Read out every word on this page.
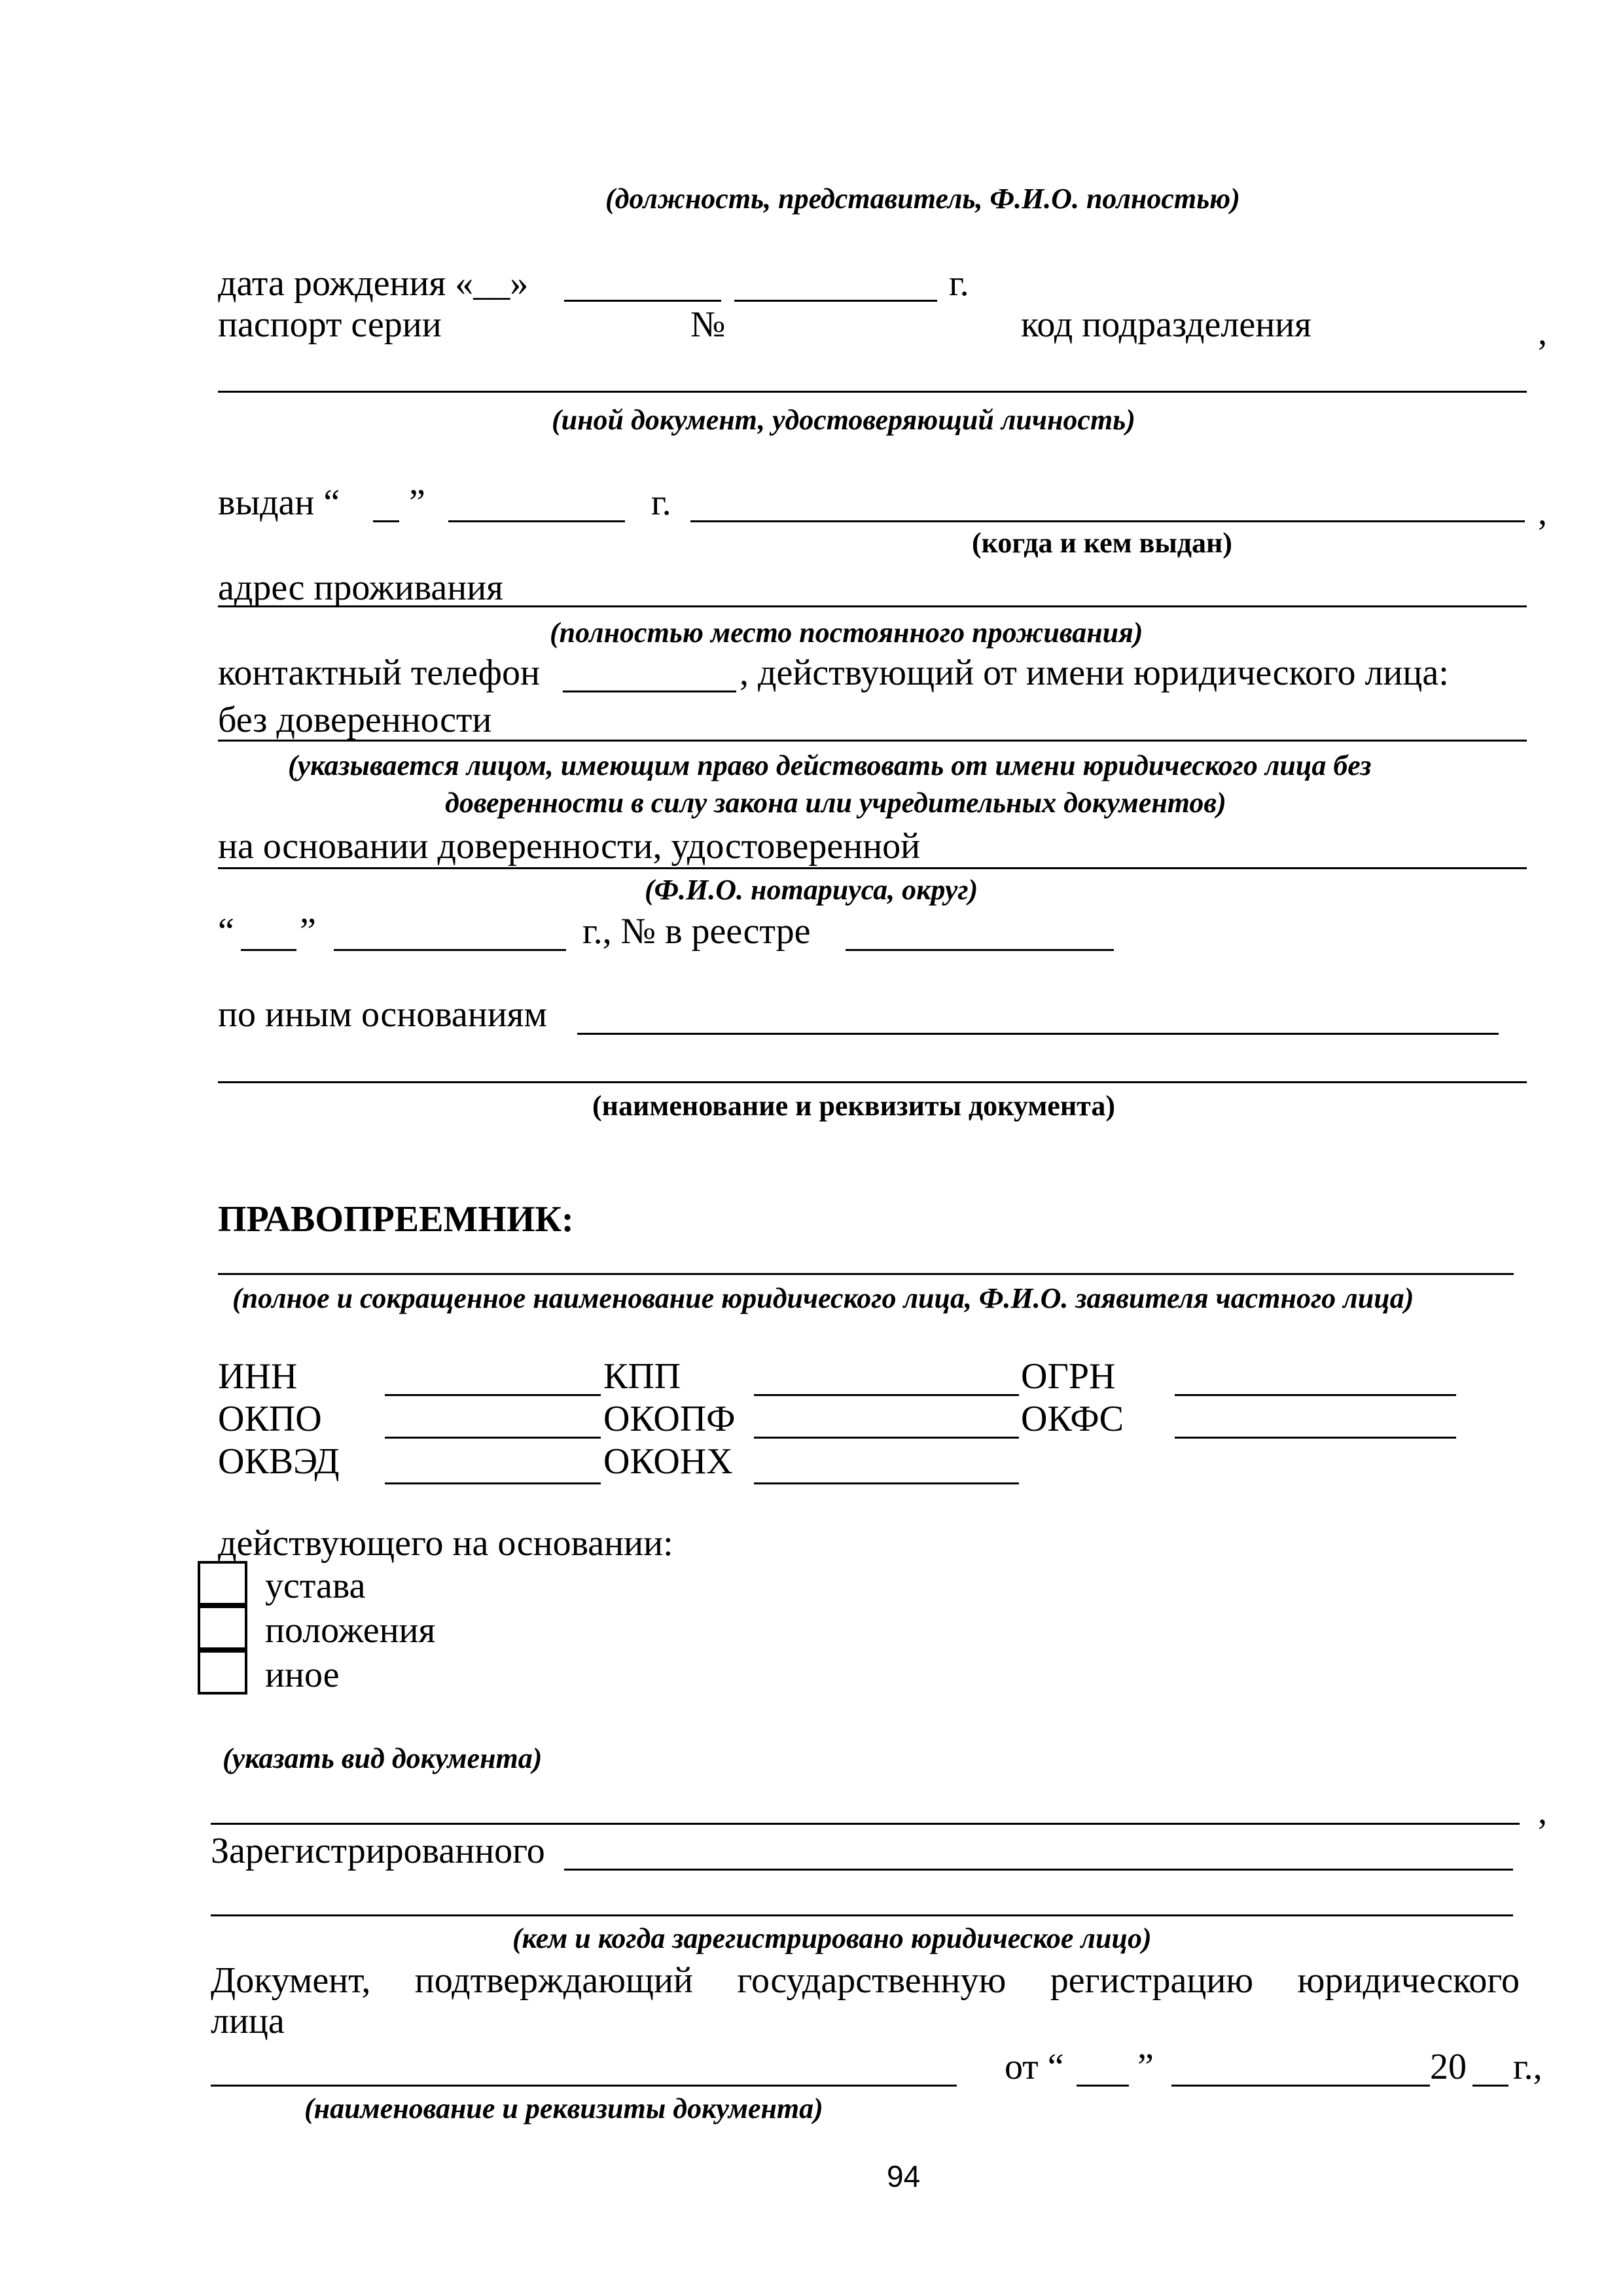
(должность, представитель, Ф.И.О. полностью)
дата рождения «__»	г.
паспорт серии	№	код подразделения	,
(иной документ, удостоверяющий личность)
выдан “ ”	г.	,
(когда и кем выдан)
адрес проживания
(полностью место постоянного проживания)
контактный телефон	, действующий от имени юридического лица:
без доверенности
(указывается лицом, имеющим право действовать от имени юридического лица без
доверенности в силу закона или учредительных документов)
на основании доверенности, удостоверенной
(Ф.И.О. нотариуса, округ)
“ ”	г., № в реестре
по иным основаниям
(наименование и реквизиты документа)
ПРАВОПРЕЕМНИК:
(полное и сокращенное наименование юридического лица, Ф.И.О. заявителя частного лица)
ИНН	КПП	ОГРН
ОКПО	ОКОПФ	ОКФС
ОКВЭД	ОКОНХ
действующего на основании:
устава
положения
иное
(указать вид документа)
,
Зарегистрированного
(кем и когда зарегистрировано юридическое лицо)
Документ, подтверждающий государственную регистрацию юридического
лица
от “ ”	20 г.,
(наименование и реквизиты документа)
94
